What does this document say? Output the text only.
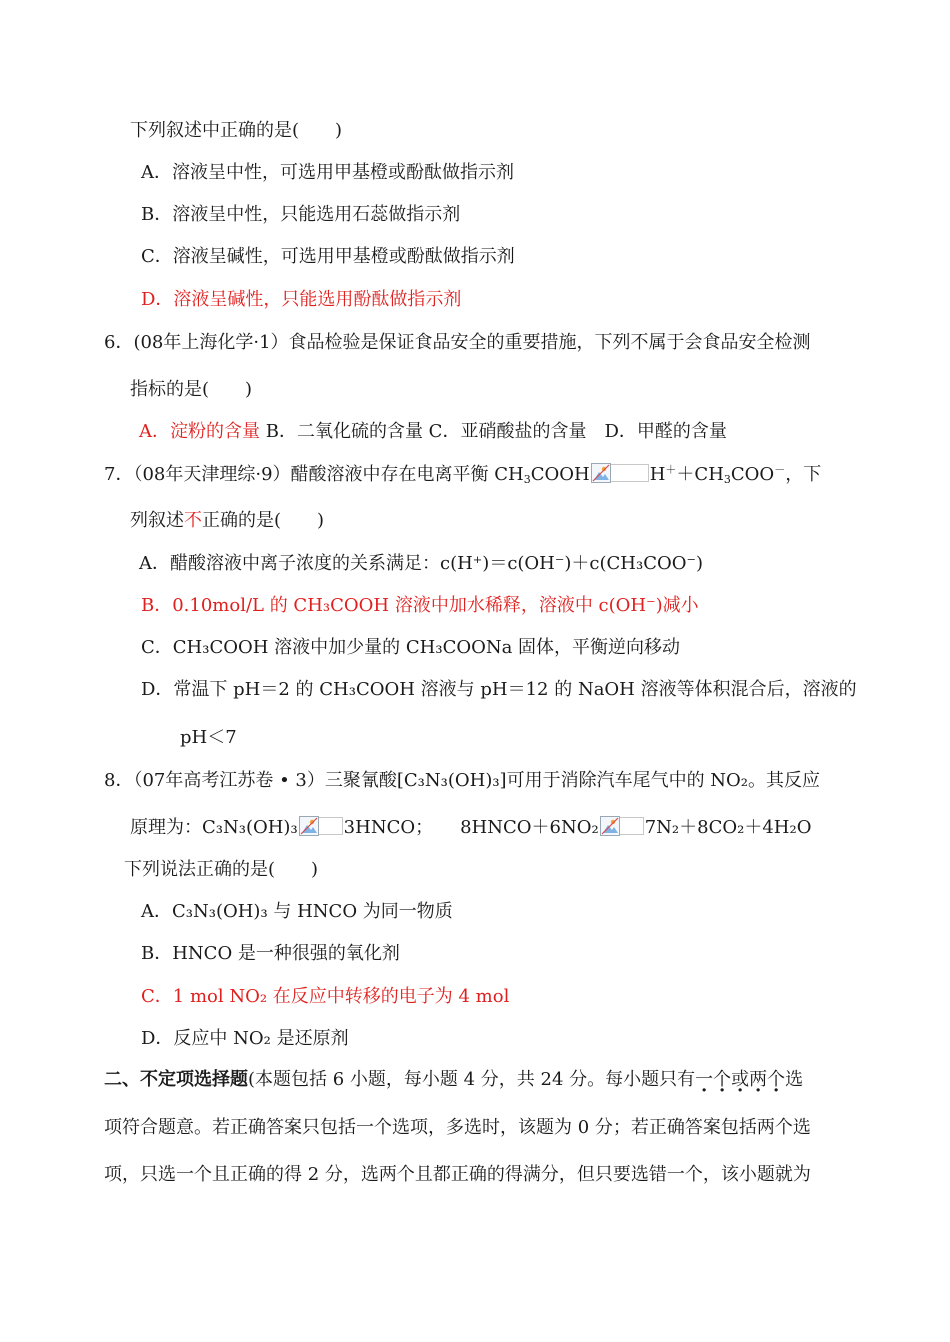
下列叙述中正确的是(　　)
A．溶液呈中性，可选用甲基橙或酚酞做指示剂
B．溶液呈中性，只能选用石蕊做指示剂
C．溶液呈碱性，可选用甲基橙或酚酞做指示剂
D．溶液呈碱性，只能选用酚酞做指示剂
6．(08年上海化学·1）食品检验是保证食品安全的重要措施，下列不属于会食品安全检测
指标的是(　　)
A．淀粉的含量 B．二氧化硫的含量 C．亚硝酸盐的含量　D．甲醛的含量
7．（08年天津理综·9）醋酸溶液中存在电离平衡 $CH_3COOH$	$H^++CH_3COO^-$，下
列叙述不正确的是(　　)
A．醋酸溶液中离子浓度的关系满足：c(H⁺)＝c(OH⁻)＋c(CH₃COO⁻)
B．0.10mol/L 的 CH₃COOH 溶液中加水稀释，溶液中 c(OH⁻)减小
C．CH₃COOH 溶液中加少量的 CH₃COONa 固体，平衡逆向移动
D．常温下 pH＝2 的 CH₃COOH 溶液与 pH＝12 的 NaOH 溶液等体积混合后，溶液的
pH＜7
8．（07年高考江苏卷 • 3）三聚氰酸[C₃N₃(OH)₃]可用于消除汽车尾气中的 NO₂。其反应
原理为：C₃N₃(OH)₃	3HNCO；　　8HNCO＋6NO₂	7N₂＋8CO₂＋4H₂O
下列说法正确的是(　　)
A．C₃N₃(OH)₃ 与 HNCO 为同一物质
B．HNCO 是一种很强的氧化剂
C．1 mol NO₂ 在反应中转移的电子为 4 mol
D．反应中 NO₂ 是还原剂
二、不定项选择题(本题包括 6 小题，每小题 4 分，共 24 分。每小题只有一个或两个选
项符合题意。若正确答案只包括一个选项，多选时，该题为 0 分；若正确答案包括两个选
项，只选一个且正确的得 2 分，选两个且都正确的得满分，但只要选错一个，该小题就为
